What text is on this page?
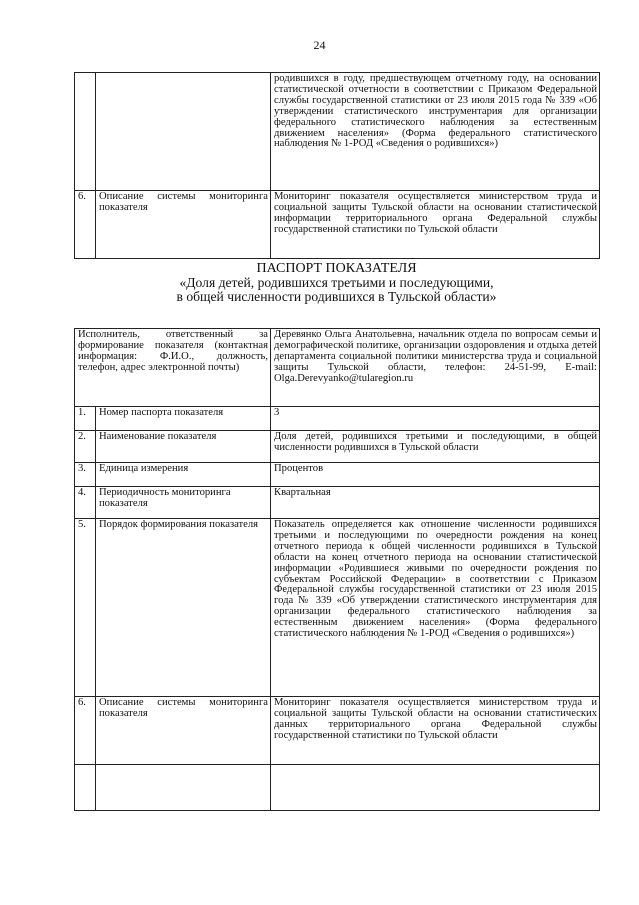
24
		родившихся в году, предшествующем отчетному году, на основании статистической отчетности в соответствии с Приказом Федеральной службы государственной статистики от 23 июля 2015 года № 339 «Об утверждении статистического инструментария для организации федерального статистического наблюдения за естественным движением населения» (Форма федерального статистического наблюдения № 1-РОД «Сведения о родившихся»)
6.	Описание системы мониторинга показателя	Мониторинг показателя осуществляется министерством труда и социальной защиты Тульской области на основании статистической информации территориального органа Федеральной службы государственной статистики по Тульской области
ПАСПОРТ ПОКАЗАТЕЛЯ
«Доля детей, родившихся третьими и последующими,
в общей численности родившихся в Тульской области»
Исполнитель, ответственный за формирование показателя (контактная информация: Ф.И.О., должность, телефон, адрес электронной почты)		Деревянко Ольга Анатольевна, начальник отдела по вопросам семьи и демографической политике, организации оздоровления и отдыха детей департамента социальной политики министерства труда и социальной защиты Тульской области, телефон: 24-51-99, E-mail: Olga.Derevyanko@tularegion.ru
1.	Номер паспорта показателя	3
2.	Наименование показателя	Доля детей, родившихся третьими и последующими, в общей численности родившихся в Тульской области
3.	Единица измерения	Процентов
4.	Периодичность мониторинга показателя	Квартальная
5.	Порядок формирования показателя	Показатель определяется как отношение численности родившихся третьими и последующими по очередности рождения на конец отчетного периода к общей численности родившихся в Тульской области на конец отчетного периода на основании статистической информации «Родившиеся живыми по очередности рождения по субъектам Российской Федерации» в соответствии с Приказом Федеральной службы государственной статистики от 23 июля 2015 года № 339 «Об утверждении статистического инструментария для организации федерального статистического наблюдения за естественным движением населения» (Форма федерального статистического наблюдения № 1-РОД «Сведения о родившихся»)
6.	Описание системы мониторинга показателя	Мониторинг показателя осуществляется министерством труда и социальной защиты Тульской области на основании статистических данных территориального органа Федеральной службы государственной статистики по Тульской области
